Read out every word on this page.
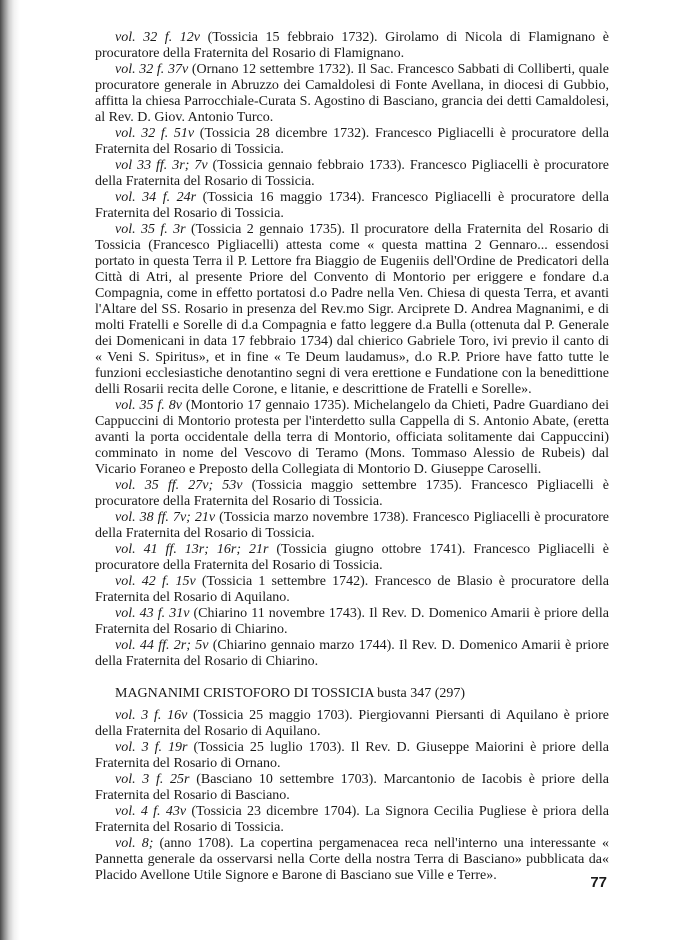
vol. 32 f. 12v (Tossicia 15 febbraio 1732). Girolamo di Nicola di Flamignano è procuratore della Fraternita del Rosario di Flamignano.

vol. 32 f. 37v (Ornano 12 settembre 1732). Il Sac. Francesco Sabbati di Colliberti, quale procuratore generale in Abruzzo dei Camaldolesi di Fonte Avellana, in diocesi di Gubbio, affitta la chiesa Parrocchiale-Curata S. Agostino di Basciano, grancia dei detti Camaldolesi, al Rev. D. Giov. Antonio Turco.

vol. 32 f. 51v (Tossicia 28 dicembre 1732). Francesco Pigliacelli è procuratore della Fraternita del Rosario di Tossicia.

vol 33 ff. 3r; 7v (Tossicia gennaio febbraio 1733). Francesco Pigliacelli è procuratore della Fraternita del Rosario di Tossicia.

vol. 34 f. 24r (Tossicia 16 maggio 1734). Francesco Pigliacelli è procuratore della Fraternita del Rosario di Tossicia.

vol. 35 f. 3r (Tossicia 2 gennaio 1735). Il procuratore della Fraternita del Rosario di Tossicia (Francesco Pigliacelli) attesta come « questa mattina 2 Gennaro... essendosi portato in questa Terra il P. Lettore fra Biaggio de Eugeniis dell'Ordine de Predicatori della Città di Atri, al presente Priore del Convento di Montorio per eriggere e fondare d.a Compagnia, come in effetto portatosi d.o Padre nella Ven. Chiesa di questa Terra, et avanti l'Altare del SS. Rosario in presenza del Rev.mo Sigr. Arciprete D. Andrea Magnanimi, e di molti Fratelli e Sorelle di d.a Compagnia e fatto leggere d.a Bulla (ottenuta dal P. Generale dei Domenicani in data 17 febbraio 1734) dal chierico Gabriele Toro, ivi previo il canto di « Veni S. Spiritus», et in fine « Te Deum laudamus», d.o R.P. Priore have fatto tutte le funzioni ecclesiastiche denotantino segni di vera erettione e Fundatione con la benedittione delli Rosarii recita delle Corone, e litanie, e descrittione de Fratelli e Sorelle».

vol. 35 f. 8v (Montorio 17 gennaio 1735). Michelangelo da Chieti, Padre Guardiano dei Cappuccini di Montorio protesta per l'interdetto sulla Cappella di S. Antonio Abate, (eretta avanti la porta occidentale della terra di Montorio, officiata solitamente dai Cappuccini) comminato in nome del Vescovo di Teramo (Mons. Tommaso Alessio de Rubeis) dal Vicario Foraneo e Preposto della Collegiata di Montorio D. Giuseppe Caroselli.

vol. 35 ff. 27v; 53v (Tossicia maggio settembre 1735). Francesco Pigliacelli è procuratore della Fraternita del Rosario di Tossicia.

vol. 38 ff. 7v; 21v (Tossicia marzo novembre 1738). Francesco Pigliacelli è procuratore della Fraternita del Rosario di Tossicia.

vol. 41 ff. 13r; 16r; 21r (Tossicia giugno ottobre 1741). Francesco Pigliacelli è procuratore della Fraternita del Rosario di Tossicia.

vol. 42 f. 15v (Tossicia 1 settembre 1742). Francesco de Blasio è procuratore della Fraternita del Rosario di Aquilano.

vol. 43 f. 31v (Chiarino 11 novembre 1743). Il Rev. D. Domenico Amarii è priore della Fraternita del Rosario di Chiarino.

vol. 44 ff. 2r; 5v (Chiarino gennaio marzo 1744). Il Rev. D. Domenico Amarii è priore della Fraternita del Rosario di Chiarino.

MAGNANIMI CRISTOFORO DI TOSSICIA busta 347 (297)

vol. 3 f. 16v (Tossicia 25 maggio 1703). Piergiovanni Piersanti di Aquilano è priore della Fraternita del Rosario di Aquilano.

vol. 3 f. 19r (Tossicia 25 luglio 1703). Il Rev. D. Giuseppe Maiorini è priore della Fraternita del Rosario di Ornano.

vol. 3 f. 25r (Basciano 10 settembre 1703). Marcantonio de Iacobis è priore della Fraternita del Rosario di Basciano.

vol. 4 f. 43v (Tossicia 23 dicembre 1704). La Signora Cecilia Pugliese è priora della Fraternita del Rosario di Tossicia.

vol. 8; (anno 1708). La copertina pergamenacea reca nell'interno una interessante « Pannetta generale da osservarsi nella Corte della nostra Terra di Basciano» pubblicata da« Placido Avellone Utile Signore e Barone di Basciano sue Ville e Terre».	77
